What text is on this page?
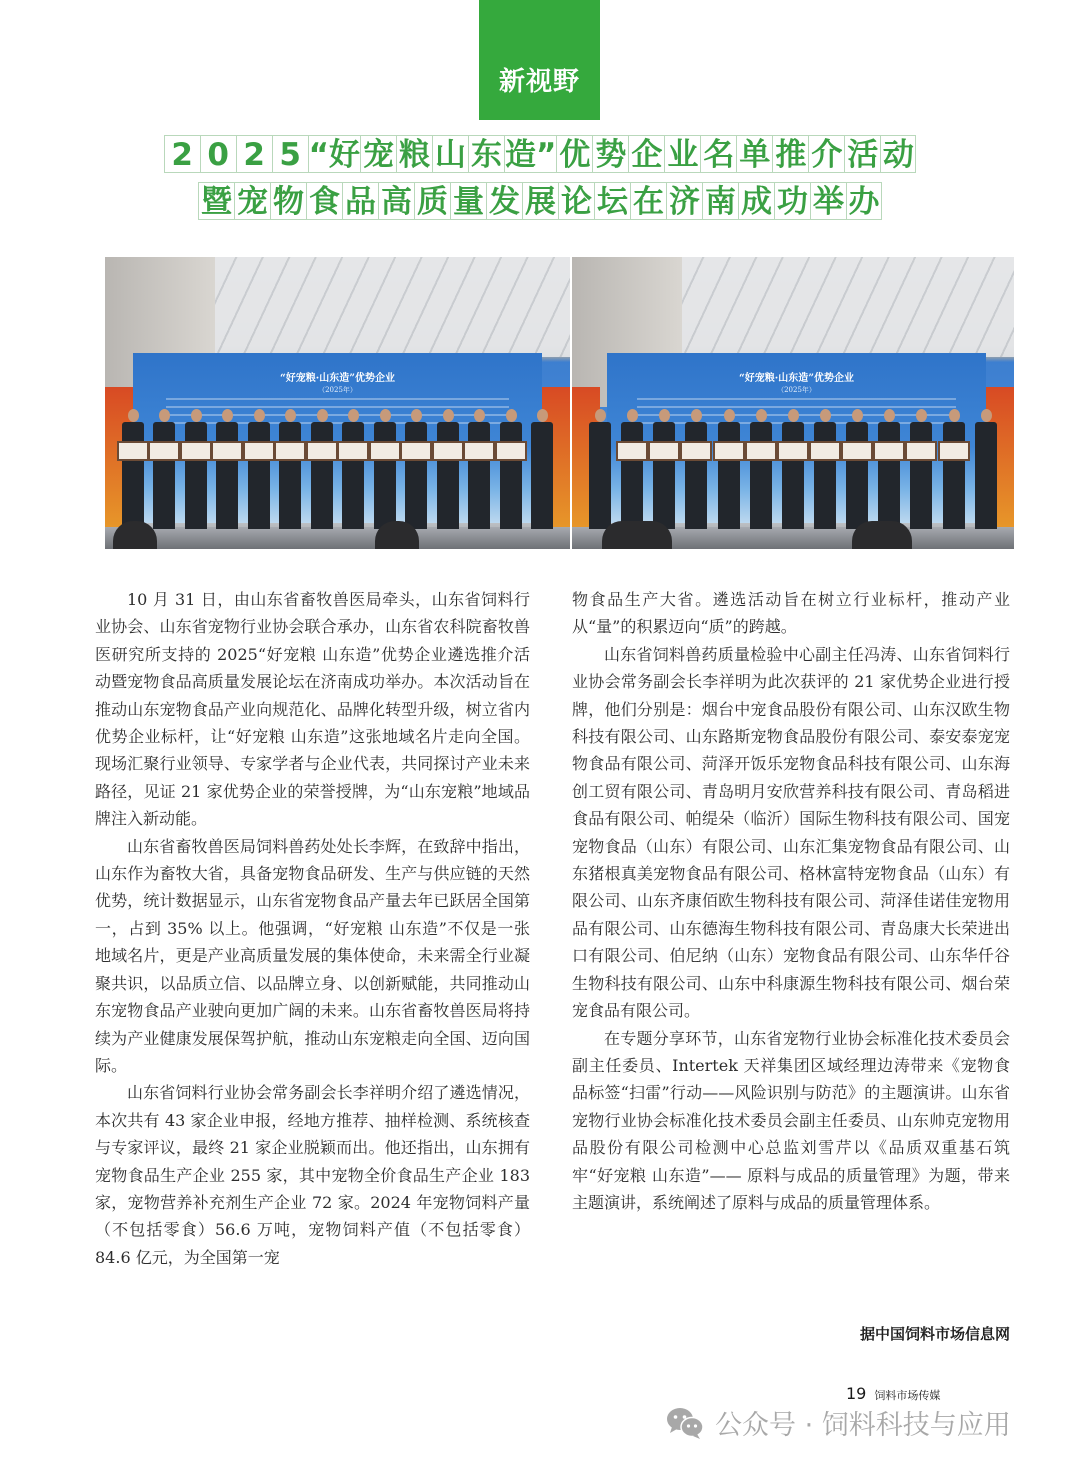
新视野
2 0 2 5 “好 宠 粮 山 东 造” 优 势 企 业 名 单 推 介 活 动
暨 宠 物 食 品 高 质 量 发 展 论 坛 在 济 南 成 功 举 办
“好宠粮·山东造”优势企业
（2025年）
“好宠粮·山东造”优势企业
（2025年）

10 月 31 日，由山东省畜牧兽医局牵头，山东省饲料行业协会、山东省宠物行业协会联合承办，山东省农科院畜牧兽医研究所支持的 2025“好宠粮 山东造”优势企业遴选推介活动暨宠物食品高质量发展论坛在济南成功举办。本次活动旨在推动山东宠物食品产业向规范化、品牌化转型升级，树立省内优势企业标杆，让“好宠粮 山东造”这张地域名片走向全国。现场汇聚行业领导、专家学者与企业代表，共同探讨产业未来路径，见证 21 家优势企业的荣誉授牌，为“山东宠粮”地域品牌注入新动能。

山东省畜牧兽医局饲料兽药处处长李辉，在致辞中指出，山东作为畜牧大省，具备宠物食品研发、生产与供应链的天然优势，统计数据显示，山东省宠物食品产量去年已跃居全国第一，占到 35% 以上。他强调，“好宠粮 山东造”不仅是一张地域名片，更是产业高质量发展的集体使命，未来需全行业凝聚共识，以品质立信、以品牌立身、以创新赋能，共同推动山东宠物食品产业驶向更加广阔的未来。山东省畜牧兽医局将持续为产业健康发展保驾护航，推动山东宠粮走向全国、迈向国际。

山东省饲料行业协会常务副会长李祥明介绍了遴选情况，本次共有 43 家企业申报，经地方推荐、抽样检测、系统核查与专家评议，最终 21 家企业脱颖而出。他还指出，山东拥有宠物食品生产企业 255 家，其中宠物全价食品生产企业 183 家，宠物营养补充剂生产企业 72 家。2024 年宠物饲料产量（不包括零食）56.6 万吨，宠物饲料产值（不包括零食）84.6 亿元，为全国第一宠

物食品生产大省。遴选活动旨在树立行业标杆，推动产业从“量”的积累迈向“质”的跨越。

山东省饲料兽药质量检验中心副主任冯涛、山东省饲料行业协会常务副会长李祥明为此次获评的 21 家优势企业进行授牌，他们分别是：烟台中宠食品股份有限公司、山东汉欧生物科技有限公司、山东路斯宠物食品股份有限公司、泰安泰宠宠物食品有限公司、菏泽开饭乐宠物食品科技有限公司、山东海创工贸有限公司、青岛明月安欣营养科技有限公司、青岛稻进食品有限公司、帕缇朵（临沂）国际生物科技有限公司、国宠宠物食品（山东）有限公司、山东汇集宠物食品有限公司、山东猪根真美宠物食品有限公司、格林富特宠物食品（山东）有限公司、山东齐康佰欧生物科技有限公司、菏泽佳诺佳宠物用品有限公司、山东德海生物科技有限公司、青岛康大长荣进出口有限公司、伯尼纳（山东）宠物食品有限公司、山东华仟谷生物科技有限公司、山东中科康源生物科技有限公司、烟台荣宠食品有限公司。

在专题分享环节，山东省宠物行业协会标准化技术委员会副主任委员、Intertek 天祥集团区域经理边涛带来《宠物食品标签“扫雷”行动——风险识别与防范》的主题演讲。山东省宠物行业协会标准化技术委员会副主任委员、山东帅克宠物用品股份有限公司检测中心总监刘雪芹以《品质双重基石筑牢“好宠粮 山东造”—— 原料与成品的质量管理》为题，带来主题演讲，系统阐述了原料与成品的质量管理体系。

据中国饲料市场信息网
19 饲料市场传媒
公众号 · 饲料科技与应用
